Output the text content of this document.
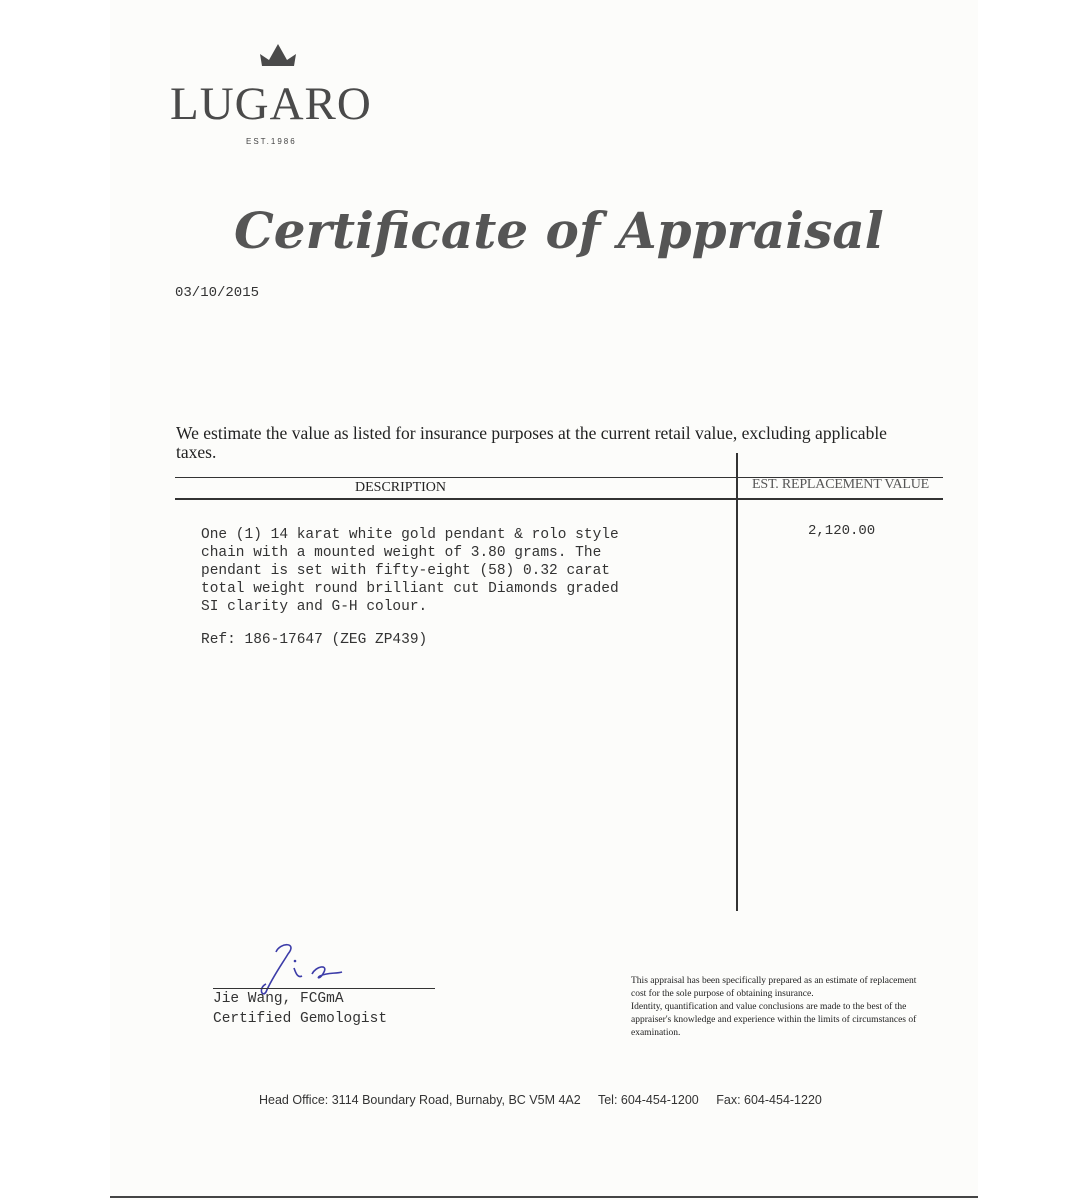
LUGARO
EST.1986
Certificate of Appraisal
03/10/2015
We estimate the value as listed for insurance purposes at the current retail value, excluding applicable taxes.
DESCRIPTION	EST. REPLACEMENT VALUE
One (1) 14 karat white gold pendant & rolo style
chain with a mounted weight of 3.80 grams. The
pendant is set with fifty-eight (58) 0.32 carat
total weight round brilliant cut Diamonds graded
SI clarity and G-H colour.
Ref: 186-17647 (ZEG ZP439)
2,120.00
Jie Wang, FCGmA
Certified Gemologist

This appraisal has been specifically prepared as an estimate of replacement cost for the sole purpose of obtaining insurance.

Identity, quantification and value conclusions are made to the best of the appraiser's knowledge and experience within the limits of circumstances of examination.

Head Office: 3114 Boundary Road, Burnaby, BC V5M 4A2 Tel: 604-454-1200 Fax: 604-454-1220
